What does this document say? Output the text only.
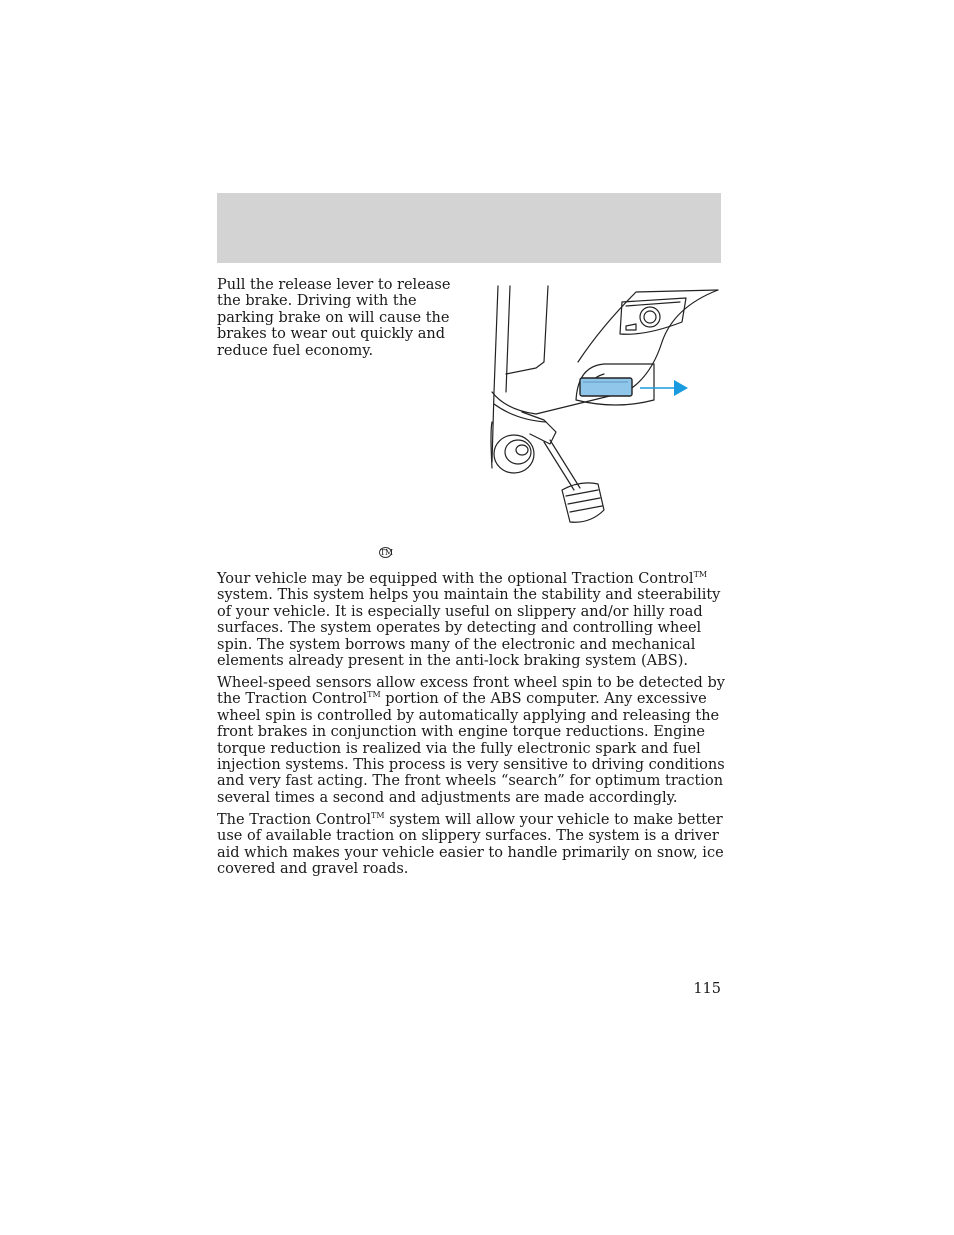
Pull the release lever to release the brake. Driving with the parking brake on will cause the brakes to wear out quickly and reduce fuel economy.

TM

Your vehicle may be equipped with the optional Traction Control™ system. This system helps you maintain the stability and steerability of your vehicle. It is especially useful on slippery and/or hilly road surfaces. The system operates by detecting and controlling wheel spin. The system borrows many of the electronic and mechanical elements already present in the anti-lock braking system (ABS).

Wheel-speed sensors allow excess front wheel spin to be detected by the Traction Control™ portion of the ABS computer. Any excessive wheel spin is controlled by automatically applying and releasing the front brakes in conjunction with engine torque reductions. Engine torque reduction is realized via the fully electronic spark and fuel injection systems. This process is very sensitive to driving conditions and very fast acting. The front wheels “search” for optimum traction several times a second and adjustments are made accordingly.

The Traction Control™ system will allow your vehicle to make better use of available traction on slippery surfaces. The system is a driver aid which makes your vehicle easier to handle primarily on snow, ice covered and gravel roads.

115
